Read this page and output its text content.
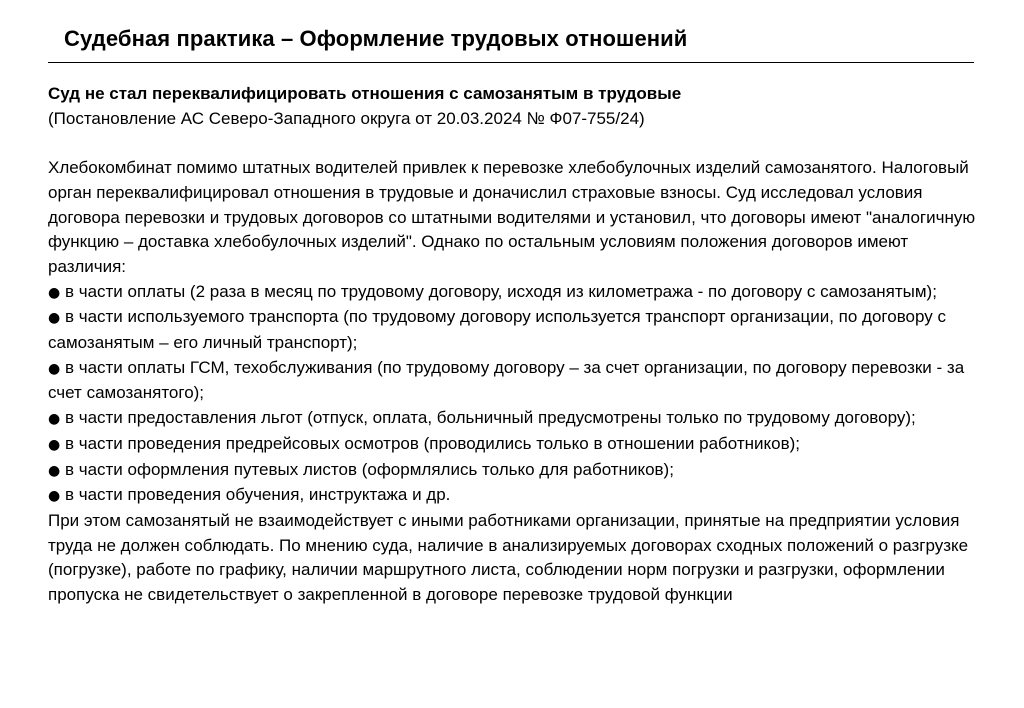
Судебная практика – Оформление трудовых отношений
Суд не стал переквалифицировать отношения с самозанятым в трудовые
(Постановление АС Северо-Западного округа от 20.03.2024 № Ф07-755/24)

Хлебокомбинат помимо штатных водителей привлек к перевозке хлебобулочных изделий самозанятого. Налоговый орган переквалифицировал отношения в трудовые и доначислил страховые взносы. Суд исследовал условия договора перевозки и трудовых договоров со штатными водителями и установил, что договоры имеют "аналогичную функцию – доставка хлебобулочных изделий". Однако по остальным условиям положения договоров имеют различия:

● в части оплаты (2 раза в месяц по трудовому договору, исходя из километража - по договору с самозанятым);
● в части используемого транспорта (по трудовому договору используется транспорт организации, по договору с самозанятым – его личный транспорт);
● в части оплаты ГСМ, техобслуживания (по трудовому договору – за счет организации, по договору перевозки - за счет самозанятого);
● в части предоставления льгот (отпуск, оплата, больничный предусмотрены только по трудовому договору);
● в части проведения предрейсовых осмотров (проводились только в отношении работников);
● в части оформления путевых листов (оформлялись только для работников);
● в части проведения обучения, инструктажа и др.

При этом самозанятый не взаимодействует с иными работниками организации, принятые на предприятии условия труда не должен соблюдать. По мнению суда, наличие в анализируемых договорах сходных положений о разгрузке (погрузке), работе по графику, наличии маршрутного листа, соблюдении норм погрузки и разгрузки, оформлении пропуска не свидетельствует о закрепленной в договоре перевозке трудовой функции
